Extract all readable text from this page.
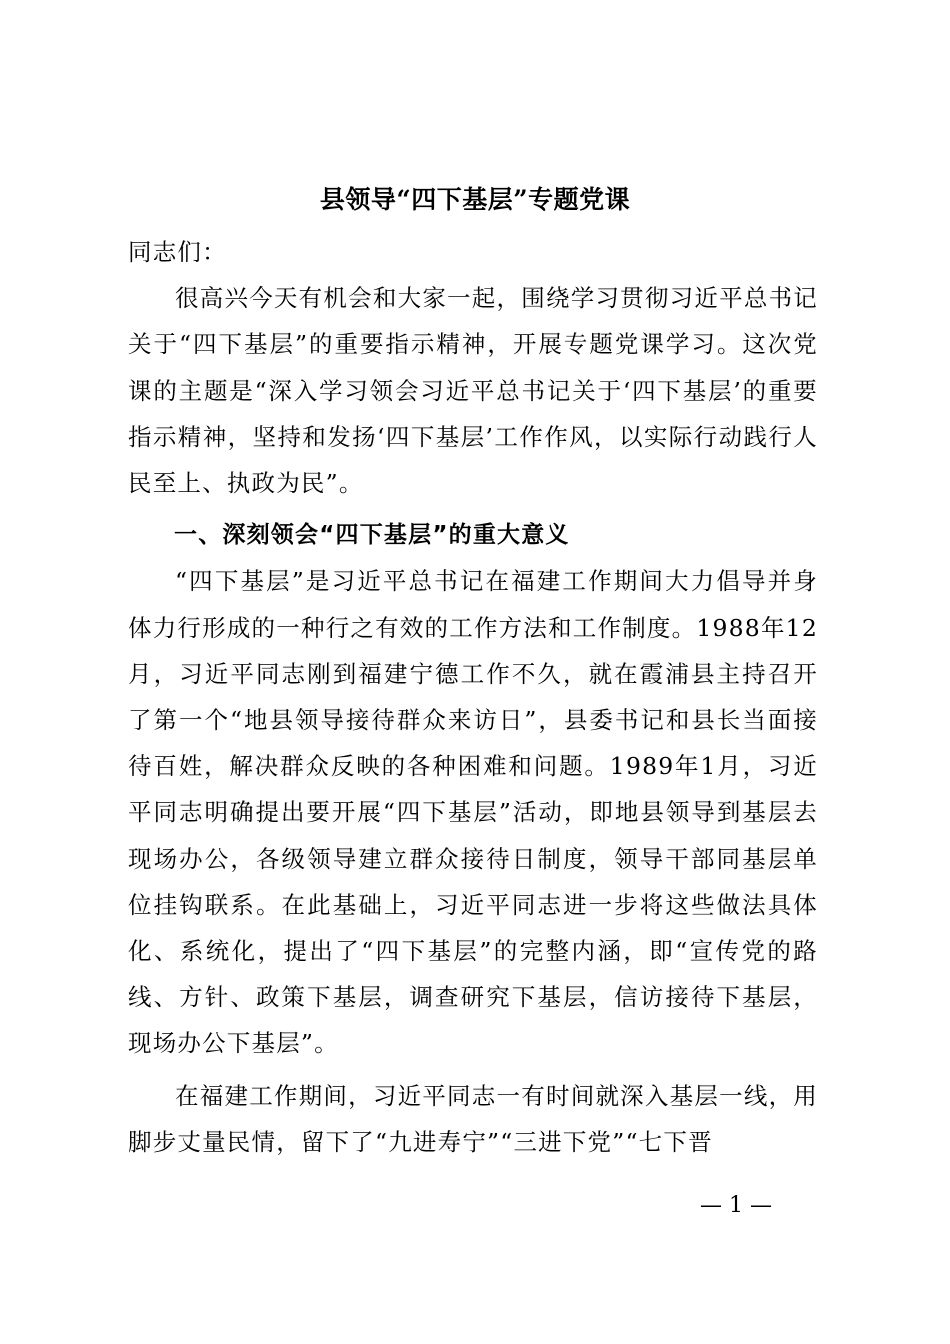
县领导“四下基层”专题党课

同志们：

很高兴今天有机会和大家一起，围绕学习贯彻习近平总书记关于“四下基层”的重要指示精神，开展专题党课学习。这次党课的主题是“深入学习领会习近平总书记关于‘四下基层’的重要指示精神，坚持和发扬‘四下基层’工作作风，以实际行动践行人民至上、执政为民”。

一、深刻领会“四下基层”的重大意义

“四下基层”是习近平总书记在福建工作期间大力倡导并身体力行形成的一种行之有效的工作方法和工作制度。1988年12月，习近平同志刚到福建宁德工作不久，就在霞浦县主持召开了第一个“地县领导接待群众来访日”，县委书记和县长当面接待百姓，解决群众反映的各种困难和问题。1989年1月，习近平同志明确提出要开展“四下基层”活动，即地县领导到基层去现场办公，各级领导建立群众接待日制度，领导干部同基层单位挂钩联系。在此基础上，习近平同志进一步将这些做法具体化、系统化，提出了“四下基层”的完整内涵，即“宣传党的路线、方针、政策下基层，调查研究下基层，信访接待下基层，现场办公下基层”。

在福建工作期间，习近平同志一有时间就深入基层一线，用脚步丈量民情，留下了“九进寿宁”“三进下党”“七下晋

— 1 —
